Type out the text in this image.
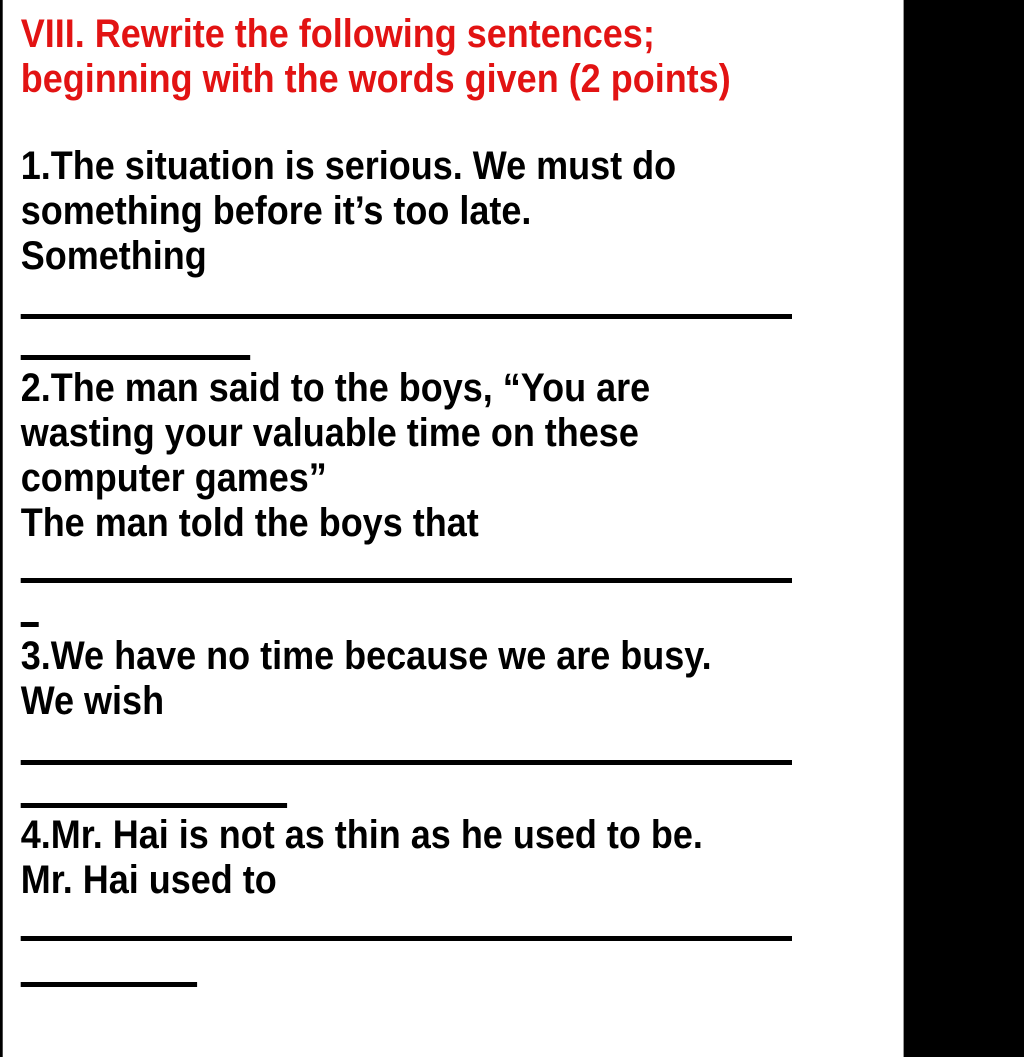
VIII. Rewrite the following sentences;
beginning with the words given (2 points)
1.The situation is serious. We must do
something before it’s too late.
Something
2.The man said to the boys, “You are
wasting your valuable time on these
computer games”
The man told the boys that
3.We have no time because we are busy.
We wish
4.Mr. Hai is not as thin as he used to be.
Mr. Hai used to
